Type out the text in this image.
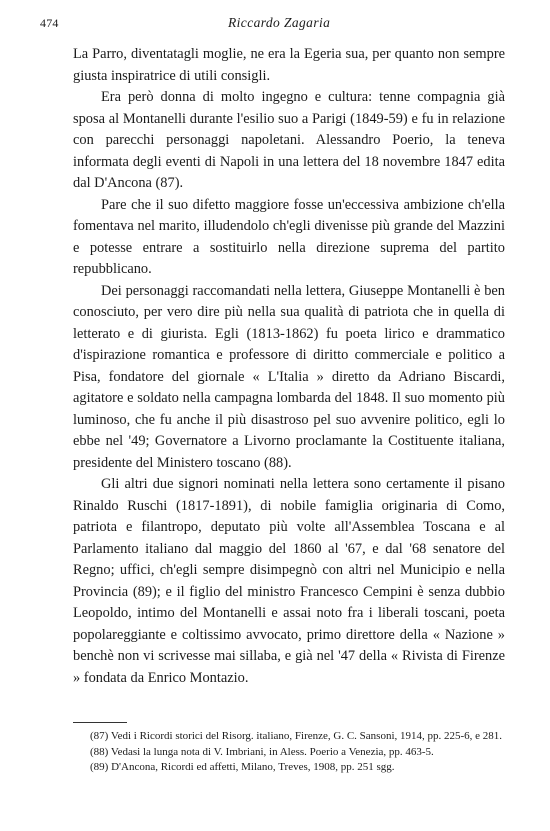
474	Riccardo Zagaria

La Parro, diventatagli moglie, ne era la Egeria sua, per quanto non sempre giusta inspiratrice di utili consigli.

Era però donna di molto ingegno e cultura: tenne compagnia già sposa al Montanelli durante l'esilio suo a Parigi (1849-59) e fu in relazione con parecchi personaggi napoletani. Alessandro Poerio, la teneva informata degli eventi di Napoli in una lettera del 18 novembre 1847 edita dal D'Ancona (87).

Pare che il suo difetto maggiore fosse un'eccessiva ambizione ch'ella fomentava nel marito, illudendolo ch'egli divenisse più grande del Mazzini e potesse entrare a sostituirlo nella direzione suprema del partito repubblicano.

Dei personaggi raccomandati nella lettera, Giuseppe Montanelli è ben conosciuto, per vero dire più nella sua qualità di patriota che in quella di letterato e di giurista. Egli (1813-1862) fu poeta lirico e drammatico d'ispirazione romantica e professore di diritto commerciale e politico a Pisa, fondatore del giornale « L'Italia » diretto da Adriano Biscardi, agitatore e soldato nella campagna lombarda del 1848. Il suo momento più luminoso, che fu anche il più disastroso pel suo avvenire politico, egli lo ebbe nel '49; Governatore a Livorno proclamante la Costituente italiana, presidente del Ministero toscano (88).

Gli altri due signori nominati nella lettera sono certamente il pisano Rinaldo Ruschi (1817-1891), di nobile famiglia originaria di Como, patriota e filantropo, deputato più volte all'Assemblea Toscana e al Parlamento italiano dal maggio del 1860 al '67, e dal '68 senatore del Regno; uffici, ch'egli sempre disimpegnò con altri nel Municipio e nella Provincia (89); e il figlio del ministro Francesco Cempini è senza dubbio Leopoldo, intimo del Montanelli e assai noto fra i liberali toscani, poeta popolareggiante e coltissimo avvocato, primo direttore della « Nazione » benchè non vi scrivesse mai sillaba, e già nel '47 della « Rivista di Firenze » fondata da Enrico Montazio.

(87) Vedi i Ricordi storici del Risorg. italiano, Firenze, G. C. Sansoni, 1914, pp. 225-6, e 281.

(88) Vedasi la lunga nota di V. Imbriani, in Aless. Poerio a Venezia, pp. 463-5.

(89) D'Ancona, Ricordi ed affetti, Milano, Treves, 1908, pp. 251 sgg.
